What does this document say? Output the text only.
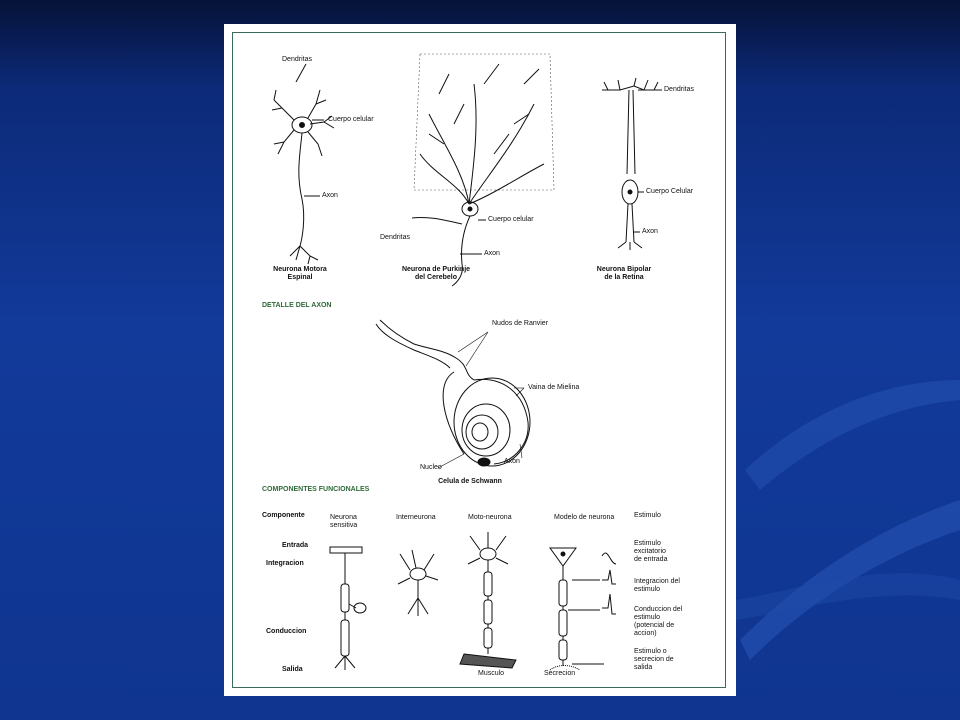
Dendritas
Cuerpo celular
Axon
Neurona Motora
Espinal
Cuerpo celular
Dendritas
Axon
Neurona de Purkinje
del Cerebelo
Dendritas
Cuerpo Celular
Axon
Neurona Bipolar
de la Retina
DETALLE DEL AXON
Nudos de Ranvier
Vaina de Mielina
Nucleo
Axon
Celula de Schwann
COMPONENTES FUNCIONALES
Componente
Entrada
Integracion
Conduccion
Salida
Neurona
sensitiva
Interneurona	Moto-neurona	Modelo de neurona	Estimulo
Musculo	Secrecion
Estimulo
excitatorio
de entrada
Integracion del
estimulo
Conduccion del
estimulo
(potencial de
accion)
Estimulo o
secrecion de
salida
